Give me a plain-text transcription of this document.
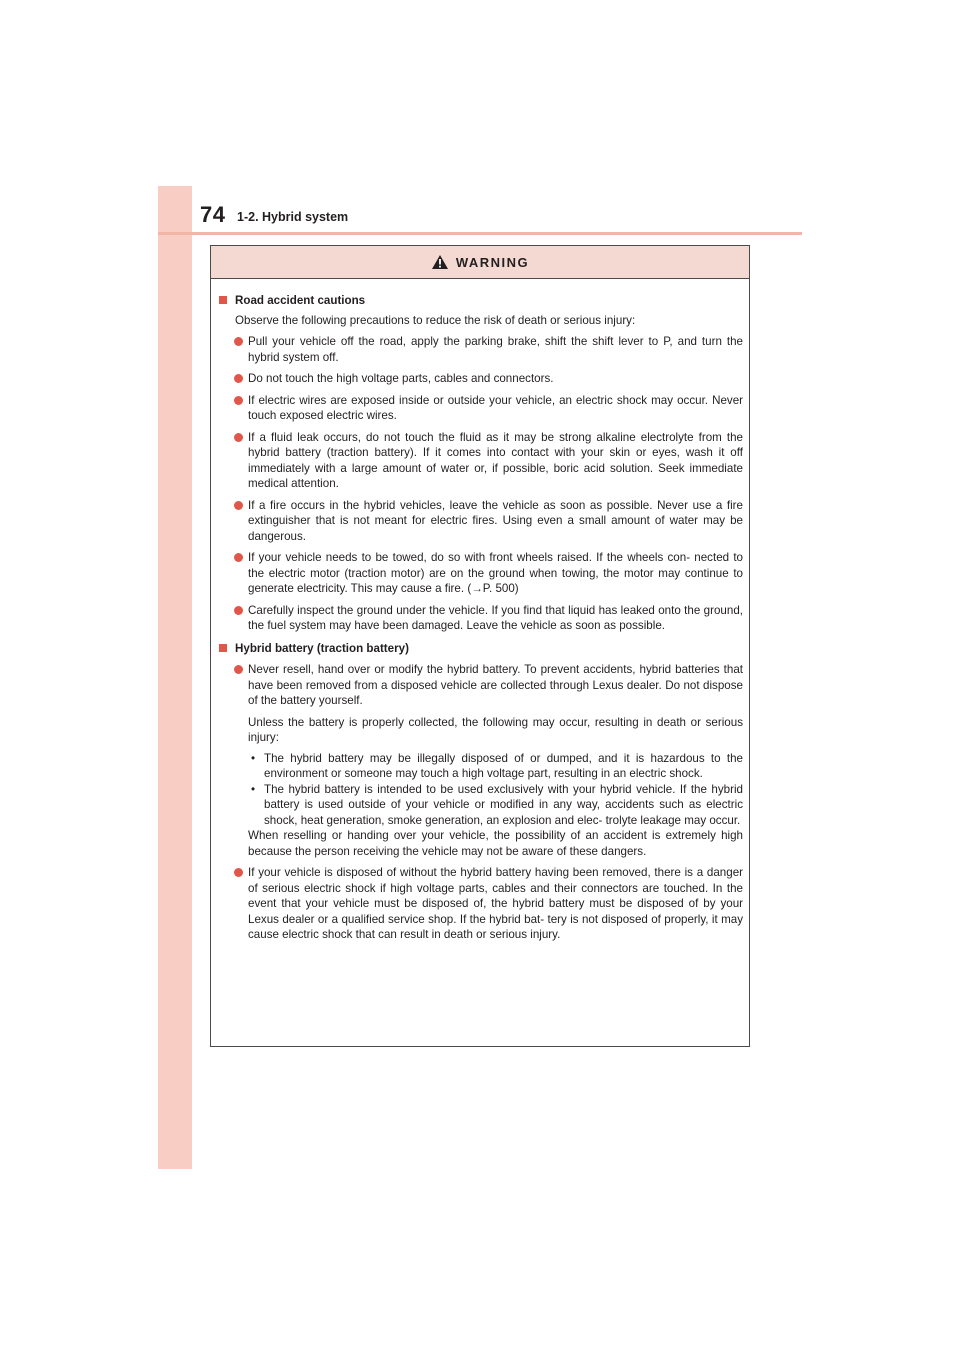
74 1-2. Hybrid system
WARNING
Road accident cautions
Observe the following precautions to reduce the risk of death or serious injury:
Pull your vehicle off the road, apply the parking brake, shift the shift lever to P, and turn the hybrid system off.
Do not touch the high voltage parts, cables and connectors.
If electric wires are exposed inside or outside your vehicle, an electric shock may occur. Never touch exposed electric wires.
If a fluid leak occurs, do not touch the fluid as it may be strong alkaline electrolyte from the hybrid battery (traction battery). If it comes into contact with your skin or eyes, wash it off immediately with a large amount of water or, if possible, boric acid solution. Seek immediate medical attention.
If a fire occurs in the hybrid vehicles, leave the vehicle as soon as possible. Never use a fire extinguisher that is not meant for electric fires. Using even a small amount of water may be dangerous.
If your vehicle needs to be towed, do so with front wheels raised. If the wheels con- nected to the electric motor (traction motor) are on the ground when towing, the motor may continue to generate electricity. This may cause a fire. (→P. 500)
Carefully inspect the ground under the vehicle. If you find that liquid has leaked onto the ground, the fuel system may have been damaged. Leave the vehicle as soon as possible.
Hybrid battery (traction battery)
Never resell, hand over or modify the hybrid battery. To prevent accidents, hybrid batteries that have been removed from a disposed vehicle are collected through Lexus dealer. Do not dispose of the battery yourself.
Unless the battery is properly collected, the following may occur, resulting in death or serious injury:
• The hybrid battery may be illegally disposed of or dumped, and it is hazardous to the environment or someone may touch a high voltage part, resulting in an electric shock.
• The hybrid battery is intended to be used exclusively with your hybrid vehicle. If the hybrid battery is used outside of your vehicle or modified in any way, accidents such as electric shock, heat generation, smoke generation, an explosion and elec- trolyte leakage may occur.
When reselling or handing over your vehicle, the possibility of an accident is extremely high because the person receiving the vehicle may not be aware of these dangers.
If your vehicle is disposed of without the hybrid battery having been removed, there is a danger of serious electric shock if high voltage parts, cables and their connectors are touched. In the event that your vehicle must be disposed of, the hybrid battery must be disposed of by your Lexus dealer or a qualified service shop. If the hybrid bat- tery is not disposed of properly, it may cause electric shock that can result in death or serious injury.
